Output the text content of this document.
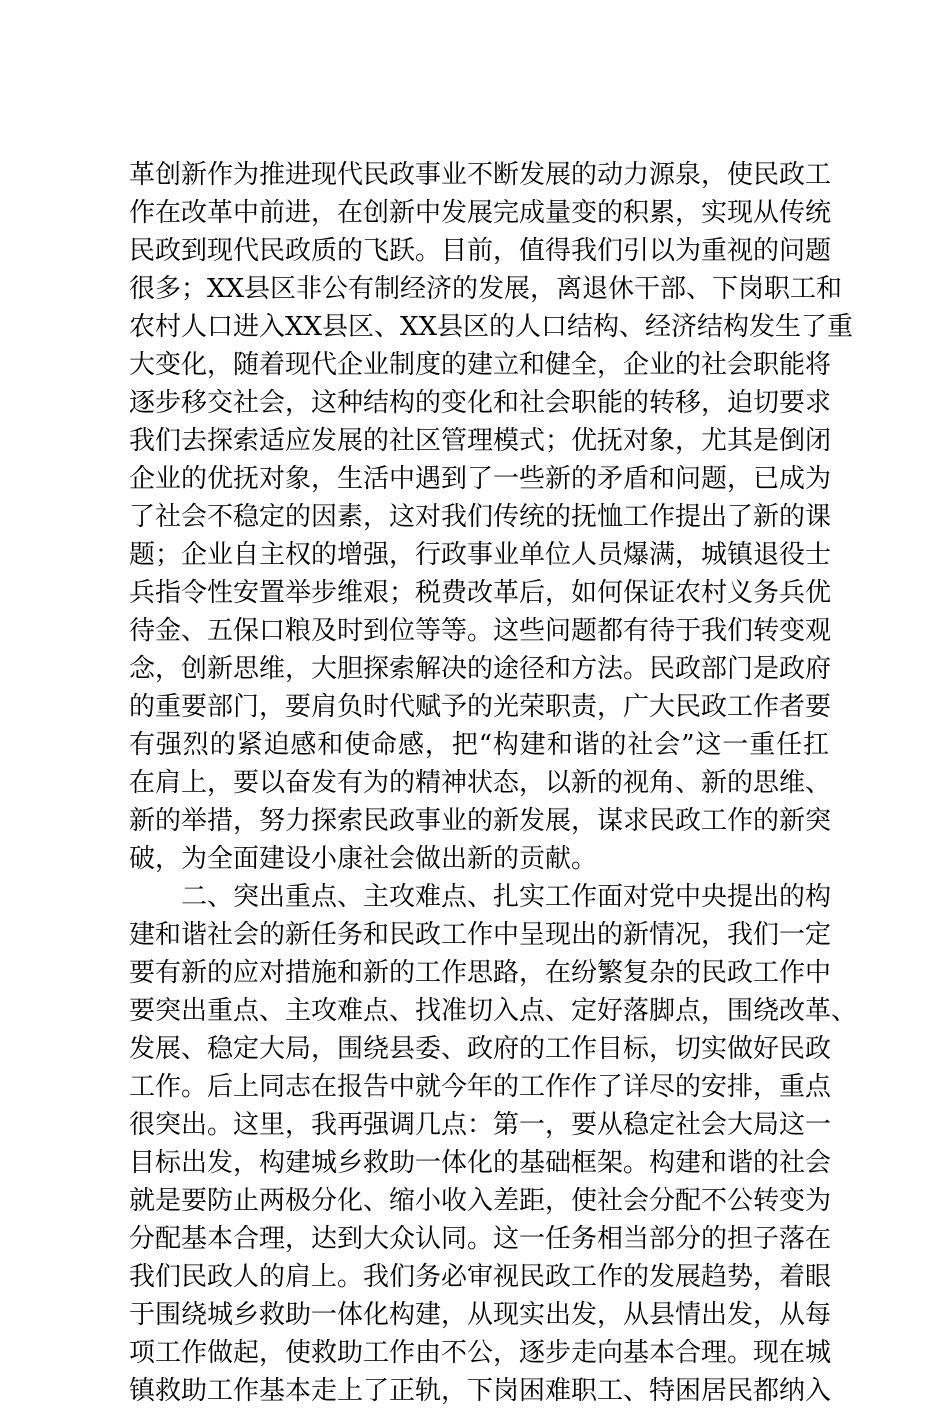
革创新作为推进现代民政事业不断发展的动力源泉，使民政工
作在改革中前进，在创新中发展完成量变的积累，实现从传统
民政到现代民政质的飞跃。目前，值得我们引以为重视的问题
很多；XX县区非公有制经济的发展，离退休干部、下岗职工和
农村人口进入XX县区、XX县区的人口结构、经济结构发生了重
大变化，随着现代企业制度的建立和健全，企业的社会职能将
逐步移交社会，这种结构的变化和社会职能的转移，迫切要求
我们去探索适应发展的社区管理模式；优抚对象，尤其是倒闭
企业的优抚对象，生活中遇到了一些新的矛盾和问题，已成为
了社会不稳定的因素，这对我们传统的抚恤工作提出了新的课
题；企业自主权的增强，行政事业单位人员爆满，城镇退役士
兵指令性安置举步维艰；税费改革后，如何保证农村义务兵优
待金、五保口粮及时到位等等。这些问题都有待于我们转变观
念，创新思维，大胆探索解决的途径和方法。民政部门是政府
的重要部门，要肩负时代赋予的光荣职责，广大民政工作者要
有强烈的紧迫感和使命感，把“构建和谐的社会”这一重任扛
在肩上，要以奋发有为的精神状态，以新的视角、新的思维、
新的举措，努力探索民政事业的新发展，谋求民政工作的新突
破，为全面建设小康社会做出新的贡献。
二、突出重点、主攻难点、扎实工作面对党中央提出的构
建和谐社会的新任务和民政工作中呈现出的新情况，我们一定
要有新的应对措施和新的工作思路，在纷繁复杂的民政工作中
要突出重点、主攻难点、找准切入点、定好落脚点，围绕改革、
发展、稳定大局，围绕县委、政府的工作目标，切实做好民政
工作。后上同志在报告中就今年的工作作了详尽的安排，重点
很突出。这里，我再强调几点：第一，要从稳定社会大局这一
目标出发，构建城乡救助一体化的基础框架。构建和谐的社会
就是要防止两极分化、缩小收入差距，使社会分配不公转变为
分配基本合理，达到大众认同。这一任务相当部分的担子落在
我们民政人的肩上。我们务必审视民政工作的发展趋势，着眼
于围绕城乡救助一体化构建，从现实出发，从县情出发，从每
项工作做起，使救助工作由不公，逐步走向基本合理。现在城
镇救助工作基本走上了正轨，下岗困难职工、特困居民都纳入
